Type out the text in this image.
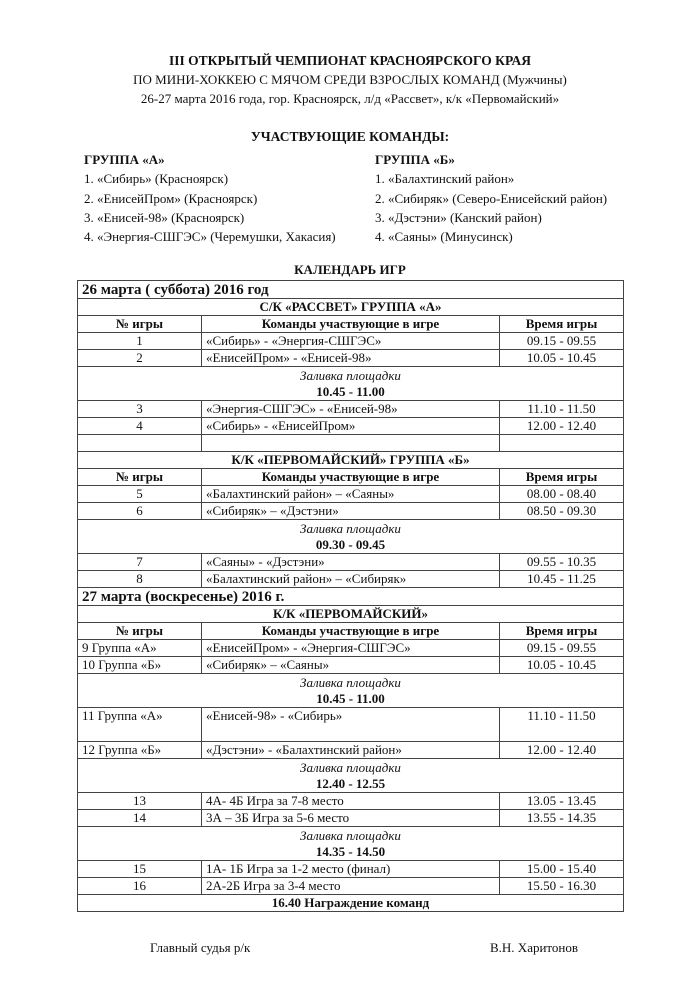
III ОТКРЫТЫЙ ЧЕМПИОНАТ КРАСНОЯРСКОГО КРАЯ
ПО МИНИ-ХОККЕЮ С МЯЧОМ СРЕДИ ВЗРОСЛЫХ КОМАНД (Мужчины)
26-27 марта 2016 года, гор. Красноярск, л/д «Рассвет», к/к «Первомайский»
УЧАСТВУЮЩИЕ КОМАНДЫ:
ГРУППА «А»
1. «Сибирь» (Красноярск)
2. «ЕнисейПром» (Красноярск)
3. «Енисей-98» (Красноярск)
4. «Энергия-СШГЭС» (Черемушки, Хакасия)
ГРУППА «Б»
1. «Балахтинский район»
2. «Сибиряк» (Северо-Енисейский район)
3. «Дэстэни» (Канский район)
4. «Саяны» (Минусинск)
КАЛЕНДАРЬ ИГР
26 марта ( суббота) 2016 год		
С/К «РАССВЕТ» ГРУППА «А»		
№ игры	Команды участвующие в игре	Время игры
1	«Сибирь» - «Энергия-СШГЭС»	09.15 - 09.55
2	«ЕнисейПром» - «Енисей-98»	10.05 - 10.45

Заливка площадки
10.45 - 11.00		

3	«Энергия-СШГЭС» - «Енисей-98»	11.10 - 11.50
4	«Сибирь» - «ЕнисейПром»	12.00 - 12.40

К/К «ПЕРВОМАЙСКИЙ» ГРУППА «Б»		
№ игры	Команды участвующие в игре	Время игры
5	«Балахтинский район» – «Саяны»	08.00 - 08.40
6	«Сибиряк» – «Дэстэни»	08.50 - 09.30

Заливка площадки
09.30 - 09.45		

7	«Саяны» - «Дэстэни»	09.55 - 10.35
8	«Балахтинский район» – «Сибиряк»	10.45 - 11.25
27 марта (воскресенье) 2016 г.		
К/К «ПЕРВОМАЙСКИЙ»		
№ игры	Команды участвующие в игре	Время игры
9 Группа «А»	«ЕнисейПром» - «Энергия-СШГЭС»	09.15 - 09.55
10 Группа «Б»	«Сибиряк» – «Саяны»	10.05 - 10.45

Заливка площадки
10.45 - 11.00		

11 Группа «А»	«Енисей-98» - «Сибирь»	11.10 - 11.50
12 Группа «Б»	«Дэстэни» - «Балахтинский район»	12.00 - 12.40

Заливка площадки
12.40 - 12.55		

13	4А- 4Б Игра за 7-8 место	13.05 - 13.45
14	3А – 3Б Игра за 5-6 место	13.55 - 14.35

Заливка площадки
14.35 - 14.50		

15	1А- 1Б Игра за 1-2 место (финал)	15.00 - 15.40
16	2А-2Б Игра за 3-4 место	15.50 - 16.30
16.40 Награждение команд		
Главный судья р/к	В.Н. Харитонов
